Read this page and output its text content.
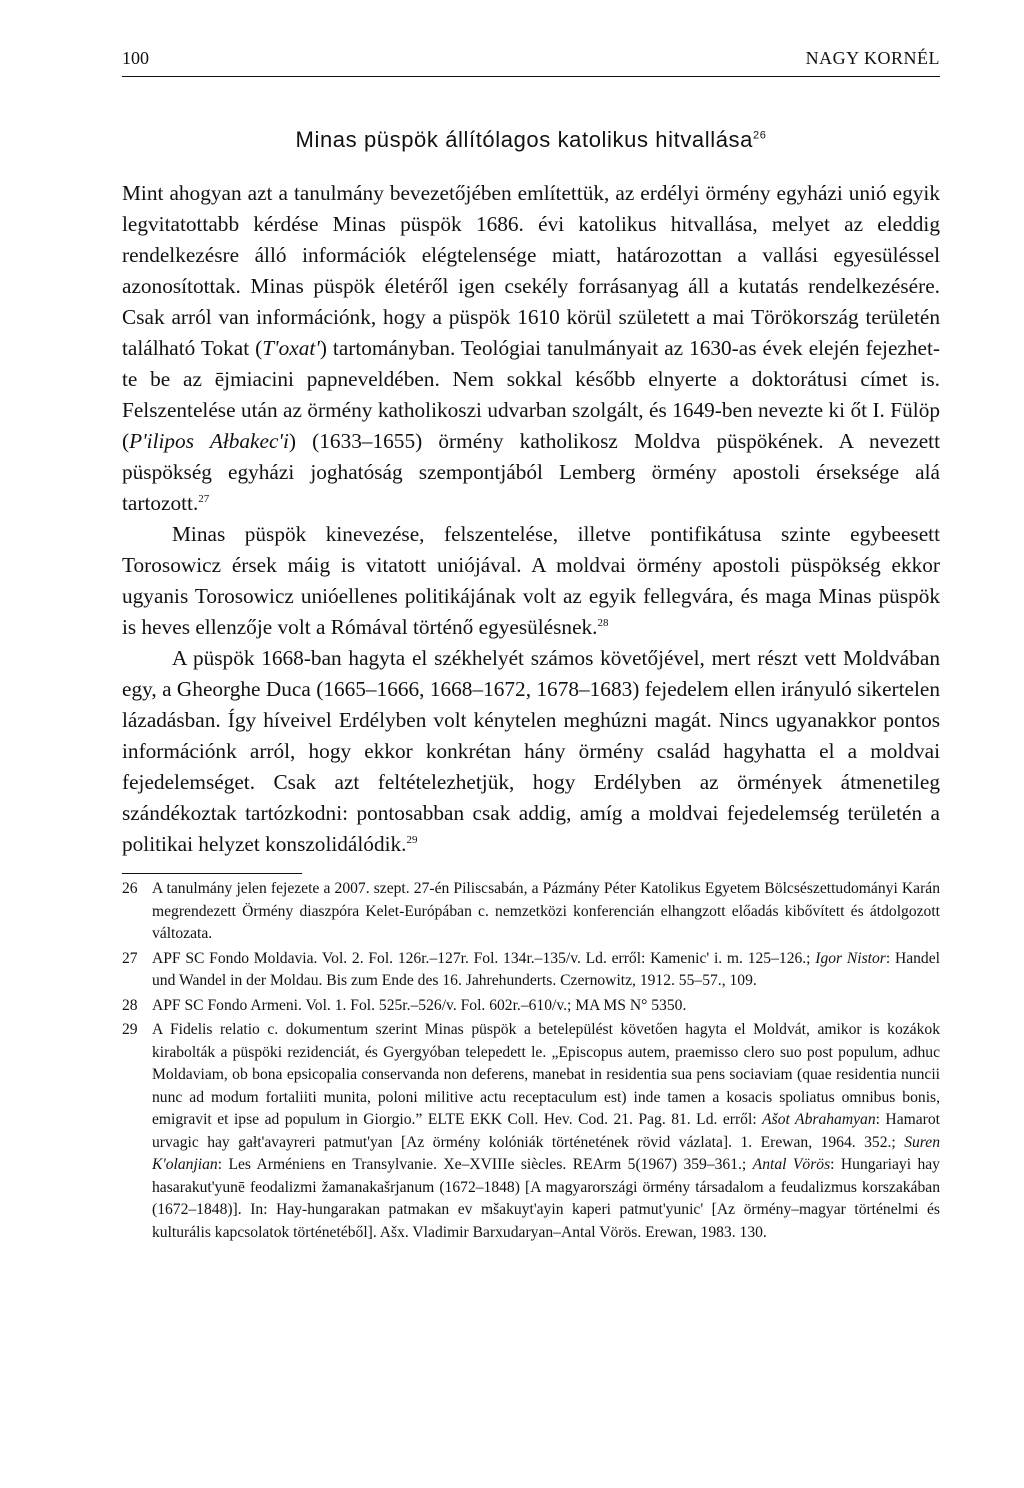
100	NAGY KORNÉL
Minas püspök állítólagos katolikus hitvallása$^{26}$

Mint ahogyan azt a tanulmány bevezetőjében említettük, az erdélyi örmény egyházi unió egyik legvitatottabb kérdése Minas püspök 1686. évi katolikus hitvallása, melyet az eleddig rendelkezésre álló információk elégtelensége miatt, határozottan a vallási egyesüléssel azonosítottak. Minas püspök életéről igen csekély forrásanyag áll a kutatás rendelkezésére. Csak arról van információnk, hogy a püspök 1610 körül született a mai Törökország területén található Tokat (T'oxat') tartományban. Teológiai tanulmányait az 1630-as évek elején fejezhette be az ējmiacini papneveldében. Nem sokkal később elnyerte a doktorátusi címet is. Felszentelése után az örmény katholikoszi udvarban szolgált, és 1649-ben nevezte ki őt I. Fülöp (P'ilipos Ałbakec'i) (1633–1655) örmény katholikosz Moldva püspökének. A nevezett püspökség egyházi joghatóság szempontjából Lemberg örmény apostoli érseksége alá tartozott.$^{27}$

Minas püspök kinevezése, felszentelése, illetve pontifikátusa szinte egybeesett Torosowicz érsek máig is vitatott uniójával. A moldvai örmény apostoli püspökség ekkor ugyanis Torosowicz unióellenes politikájának volt az egyik fellegvára, és maga Minas püspök is heves ellenzője volt a Rómával történő egyesülésnek.$^{28}$

A püspök 1668-ban hagyta el székhelyét számos követőjével, mert részt vett Moldvában egy, a Gheorghe Duca (1665–1666, 1668–1672, 1678–1683) fejedelem ellen irányuló sikertelen lázadásban. Így híveivel Erdélyben volt kénytelen meghúzni magát. Nincs ugyanakkor pontos információnk arról, hogy ekkor konkrétan hány örmény család hagyhatta el a moldvai fejedelemséget. Csak azt feltételezhetjük, hogy Erdélyben az örmények átmenetileg szándékoztak tartózkodni: pontosabban csak addig, amíg a moldvai fejedelemség területén a politikai helyzet konszolidálódik.$^{29}$

26 A tanulmány jelen fejezete a 2007. szept. 27-én Piliscsabán, a Pázmány Péter Katolikus Egyetem Bölcsészettudományi Karán megrendezett Örmény diaszpóra Kelet-Európában c. nemzetközi konferencián elhangzott előadás kibővített és átdolgozott változata.
27 APF SC Fondo Moldavia. Vol. 2. Fol. 126r.–127r. Fol. 134r.–135/v. Ld. erről: Kamenic' i. m. 125–126.; Igor Nistor: Handel und Wandel in der Moldau. Bis zum Ende des 16. Jahrehunderts. Czernowitz, 1912. 55–57., 109.
28 APF SC Fondo Armeni. Vol. 1. Fol. 525r.–526/v. Fol. 602r.–610/v.; MA MS N° 5350.
29 A Fidelis relatio c. dokumentum szerint Minas püspök a betelepülést követően hagyta el Moldvát, amikor is kozákok kirabolták a püspöki rezidenciát, és Gyergyóban telepedett le. „Episcopus autem, praemisso clero suo post populum, adhuc Moldaviam, ob bona epsicopalia conservanda non deferens, manebat in residentia sua pens sociaviam (quae residentia nuncii nunc ad modum fortaliiti munita, poloni militive actu receptaculum est) inde tamen a kosacis spoliatus omnibus bonis, emigravit et ipse ad populum in Giorgio.” ELTE EKK Coll. Hev. Cod. 21. Pag. 81. Ld. erről: Ašot Abrahamyan: Hamarot urvagic hay gałt'avayreri patmut'yan [Az örmény kolóniák történetének rövid vázlata]. 1. Erewan, 1964. 352.; Suren K'olanjian: Les Arméniens en Transylvanie. Xe–XVIIIe siècles. REArm 5(1967) 359–361.; Antal Vörös: Hungariayi hay hasarakut'yunē feodalizmi žamanakašrjanum (1672–1848) [A magyarországi örmény társadalom a feudalizmus korszakában (1672–1848)]. In: Hay-hungarakan patmakan ev mšakuyt'ayin kaperi patmut'yunic' [Az örmény–magyar történelmi és kulturális kapcsolatok történetéből]. Ašx. Vladimir Barxudaryan–Antal Vörös. Erewan, 1983. 130.
